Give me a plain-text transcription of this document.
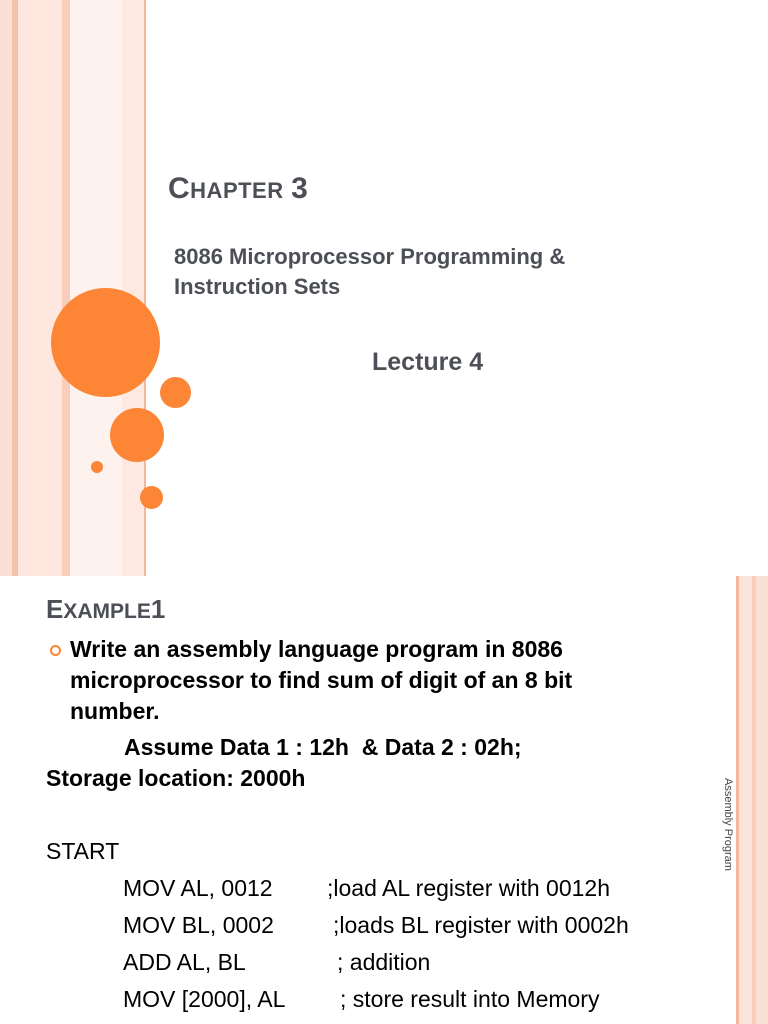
CHAPTER 3
8086 Microprocessor Programming &
Instruction Sets
Lecture 4
Assembly Program
EXAMPLE1
Write an assembly language program in 8086
microprocessor to find sum of digit of an 8 bit
number.
Assume Data 1 : 12h  & Data 2 : 02h;
Storage location: 2000h
START
MOV AL, 0012 ;load AL register with 0012h
MOV BL, 0002	;loads BL register with 0002h
ADD AL, BL	; addition
MOV [2000], AL ; store result into Memory
